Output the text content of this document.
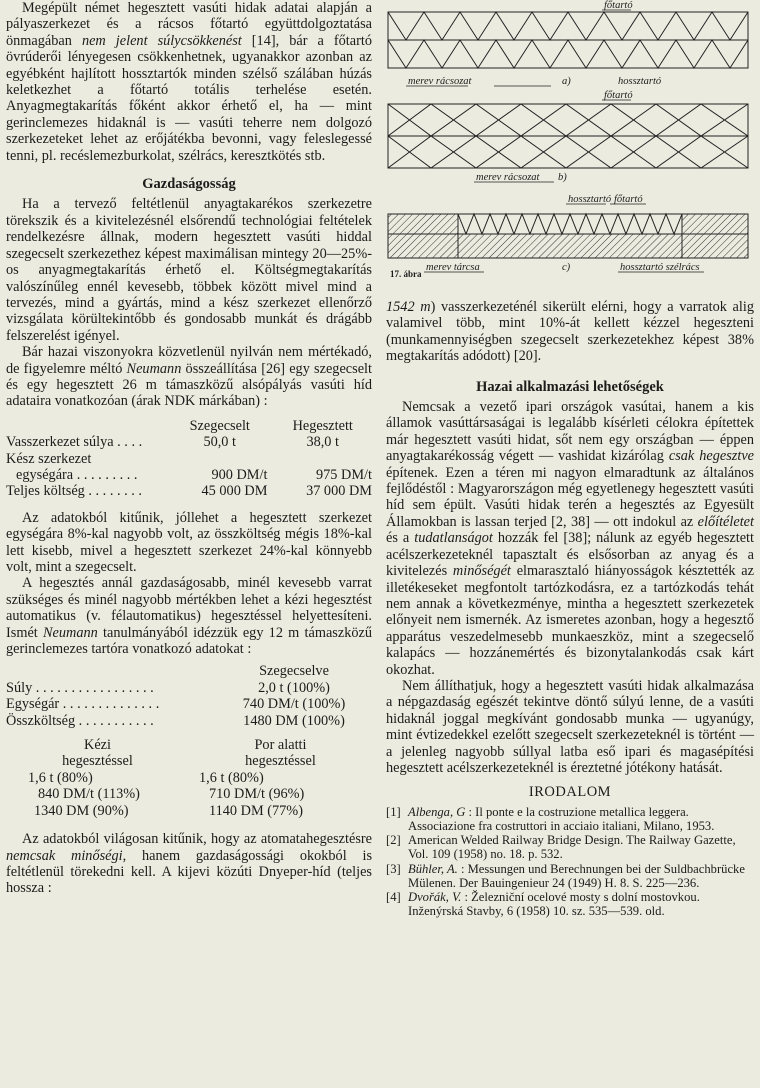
Megépült német hegesztett vasúti hidak adatai alapján a pályaszerkezet és a rácsos főtartó együttdolgoztatása önmagában nem jelent súlycsökkenést [14], bár a főtartó övrúderői lényegesen csökkenhetnek, ugyanakkor azonban az egyébként hajlított hossztartók minden szélső szálában húzás keletkezhet a főtartó totális terhelése esetén. Anyagmegtakarítás főként akkor érhető el, ha — mint gerinclemezes hidaknál is — vasúti teherre nem dolgozó szerkezeteket lehet az erőjátékba bevonni, vagy feleslegessé tenni, pl. recéslemezburkolat, szélrács, keresztkötés stb.

Gazdaságosság

Ha a tervező feltétlenül anyagtakarékos szerkezetre törekszik és a kivitelezésnél elsőrendű technológiai feltételek rendelkezésre állnak, modern hegesztett vasúti hiddal szegecselt szerkezethez képest maximálisan mintegy 20—25%-os anyagmegtakarítás érhető el. Költségmegtakarítás valószínűleg ennél kevesebb, többek között mivel mind a tervezés, mind a gyártás, mind a kész szerkezet ellenőrző vizsgálata körültekintőbb és gondosabb munkát és drágább felszerelést igényel.

Bár hazai viszonyokra közvetlenül nyilván nem mértékadó, de figyelemre méltó Neumann összeállítása [26] egy szegecselt és egy hegesztett 26 m támaszközű alsópályás vasúti híd adataira vonatkozóan (árak NDK márkában) :

	Szegecselt	Hegesztett
Vasszerkezet súlya . . . .	50,0 t	38,0 t
Kész szerkezet		
egységára . . . . . . . . .	900 DM/t	975 DM/t
Teljes költség . . . . . . . .	45 000 DM	37 000 DM

Az adatokból kitűnik, jóllehet a hegesztett szerkezet egységára 8%-kal nagyobb volt, az összköltség mégis 18%-kal lett kisebb, mivel a hegesztett szerkezet 24%-kal könnyebb volt, mint a szegecselt.

A hegesztés annál gazdaságosabb, minél kevesebb varrat szükséges és minél nagyobb mértékben lehet a kézi hegesztést automatikus (v. félautomatikus) hegesztéssel helyettesíteni. Ismét Neumann tanulmányából idézzük egy 12 m támaszközű gerinclemezes tartóra vonatkozó adatokat :

	Szegecselve
Súly . . . . . . . . . . . . . . . . .	2,0 t (100%)
Egységár . . . . . . . . . . . . . .	740 DM/t (100%)
Összköltség . . . . . . . . . . .	1480 DM (100%)
Kézi	Por alatti
hegesztéssel	hegesztéssel
1,6 t (80%)	1,6 t (80%)
840 DM/t (113%)	710 DM/t (96%)
1340 DM (90%)	1140 DM (77%)

Az adatokból világosan kitűnik, hogy az atomatahegesztésre nemcsak minőségi, hanem gazdaságossági okokból is feltétlenül törekedni kell. A kijevi közúti Dnyeper-híd (teljes hossza :

főtartó
merev rácsozat	a)	hossztartó
főtartó
merev rácsozat b)
hossztartó főtartó
merev tárcsa	c)	hossztartó szélrács
17. ábra

1542 m) vasszerkezeténél sikerült elérni, hogy a varratok alig valamivel több, mint 10%-át kellett kézzel hegeszteni (munkamennyiségben szegecselt szerkezetekhez képest 38% megtakarítás adódott) [20].

Hazai alkalmazási lehetőségek

Nemcsak a vezető ipari országok vasútai, hanem a kis államok vasúttársaságai is legalább kísérleti célokra építettek már hegesztett vasúti hidat, sőt nem egy országban — éppen anyagtakarékosság végett — vashidat kizárólag csak hegesztve építenek. Ezen a téren mi nagyon elmaradtunk az általános fejlődéstől : Magyarországon még egyetlenegy hegesztett vasúti híd sem épült. Vasúti hidak terén a hegesztés az Egyesült Államokban is lassan terjed [2, 38] — ott indokul az előítéletet és a tudatlanságot hozzák fel [38]; nálunk az egyéb hegesztett acélszerkezeteknél tapasztalt és elsősorban az anyag és a kivitelezés minőségét elmarasztaló hiányosságok késztették az illetékeseket megfontolt tartózkodásra, ez a tartózkodás tehát nem annak a következménye, mintha a hegesztett szerkezetek előnyeit nem ismernék. Az ismeretes azonban, hogy a hegesztő apparátus veszedelmesebb munkaeszköz, mint a szegecselő kalapács — hozzánemértés és bizonytalankodás csak kárt okozhat.

Nem állíthatjuk, hogy a hegesztett vasúti hidak alkalmazása a népgazdaság egészét tekintve döntő súlyú lenne, de a vasúti hidaknál joggal megkívánt gondosabb munka — ugyanúgy, mint évtizedekkel ezelőtt szegecselt szerkezeteknél is történt — a jelenleg nagyobb súllyal latba eső ipari és magasépítési hegesztett acélszerkezeteknél is éreztetné jótékony hatását.

IRODALOM
[1] Albenga, G : Il ponte e la costruzione metallica leggera. Associazione fra costruttori in acciaio italiani, Milano, 1953.
[2] American Welded Railway Bridge Design. The Railway Gazette, Vol. 109 (1958) no. 18. p. 532.
[3] Bühler, A. : Messungen und Berechnungen bei der Suldbachbrücke Mülenen. Der Bauingenieur 24 (1949) H. 8. S. 225—236.
[4] Dvořák, V. : Železniční ocelové mosty s dolní mostovkou. Inženýrská Stavby, 6 (1958) 10. sz. 535—539. old.
